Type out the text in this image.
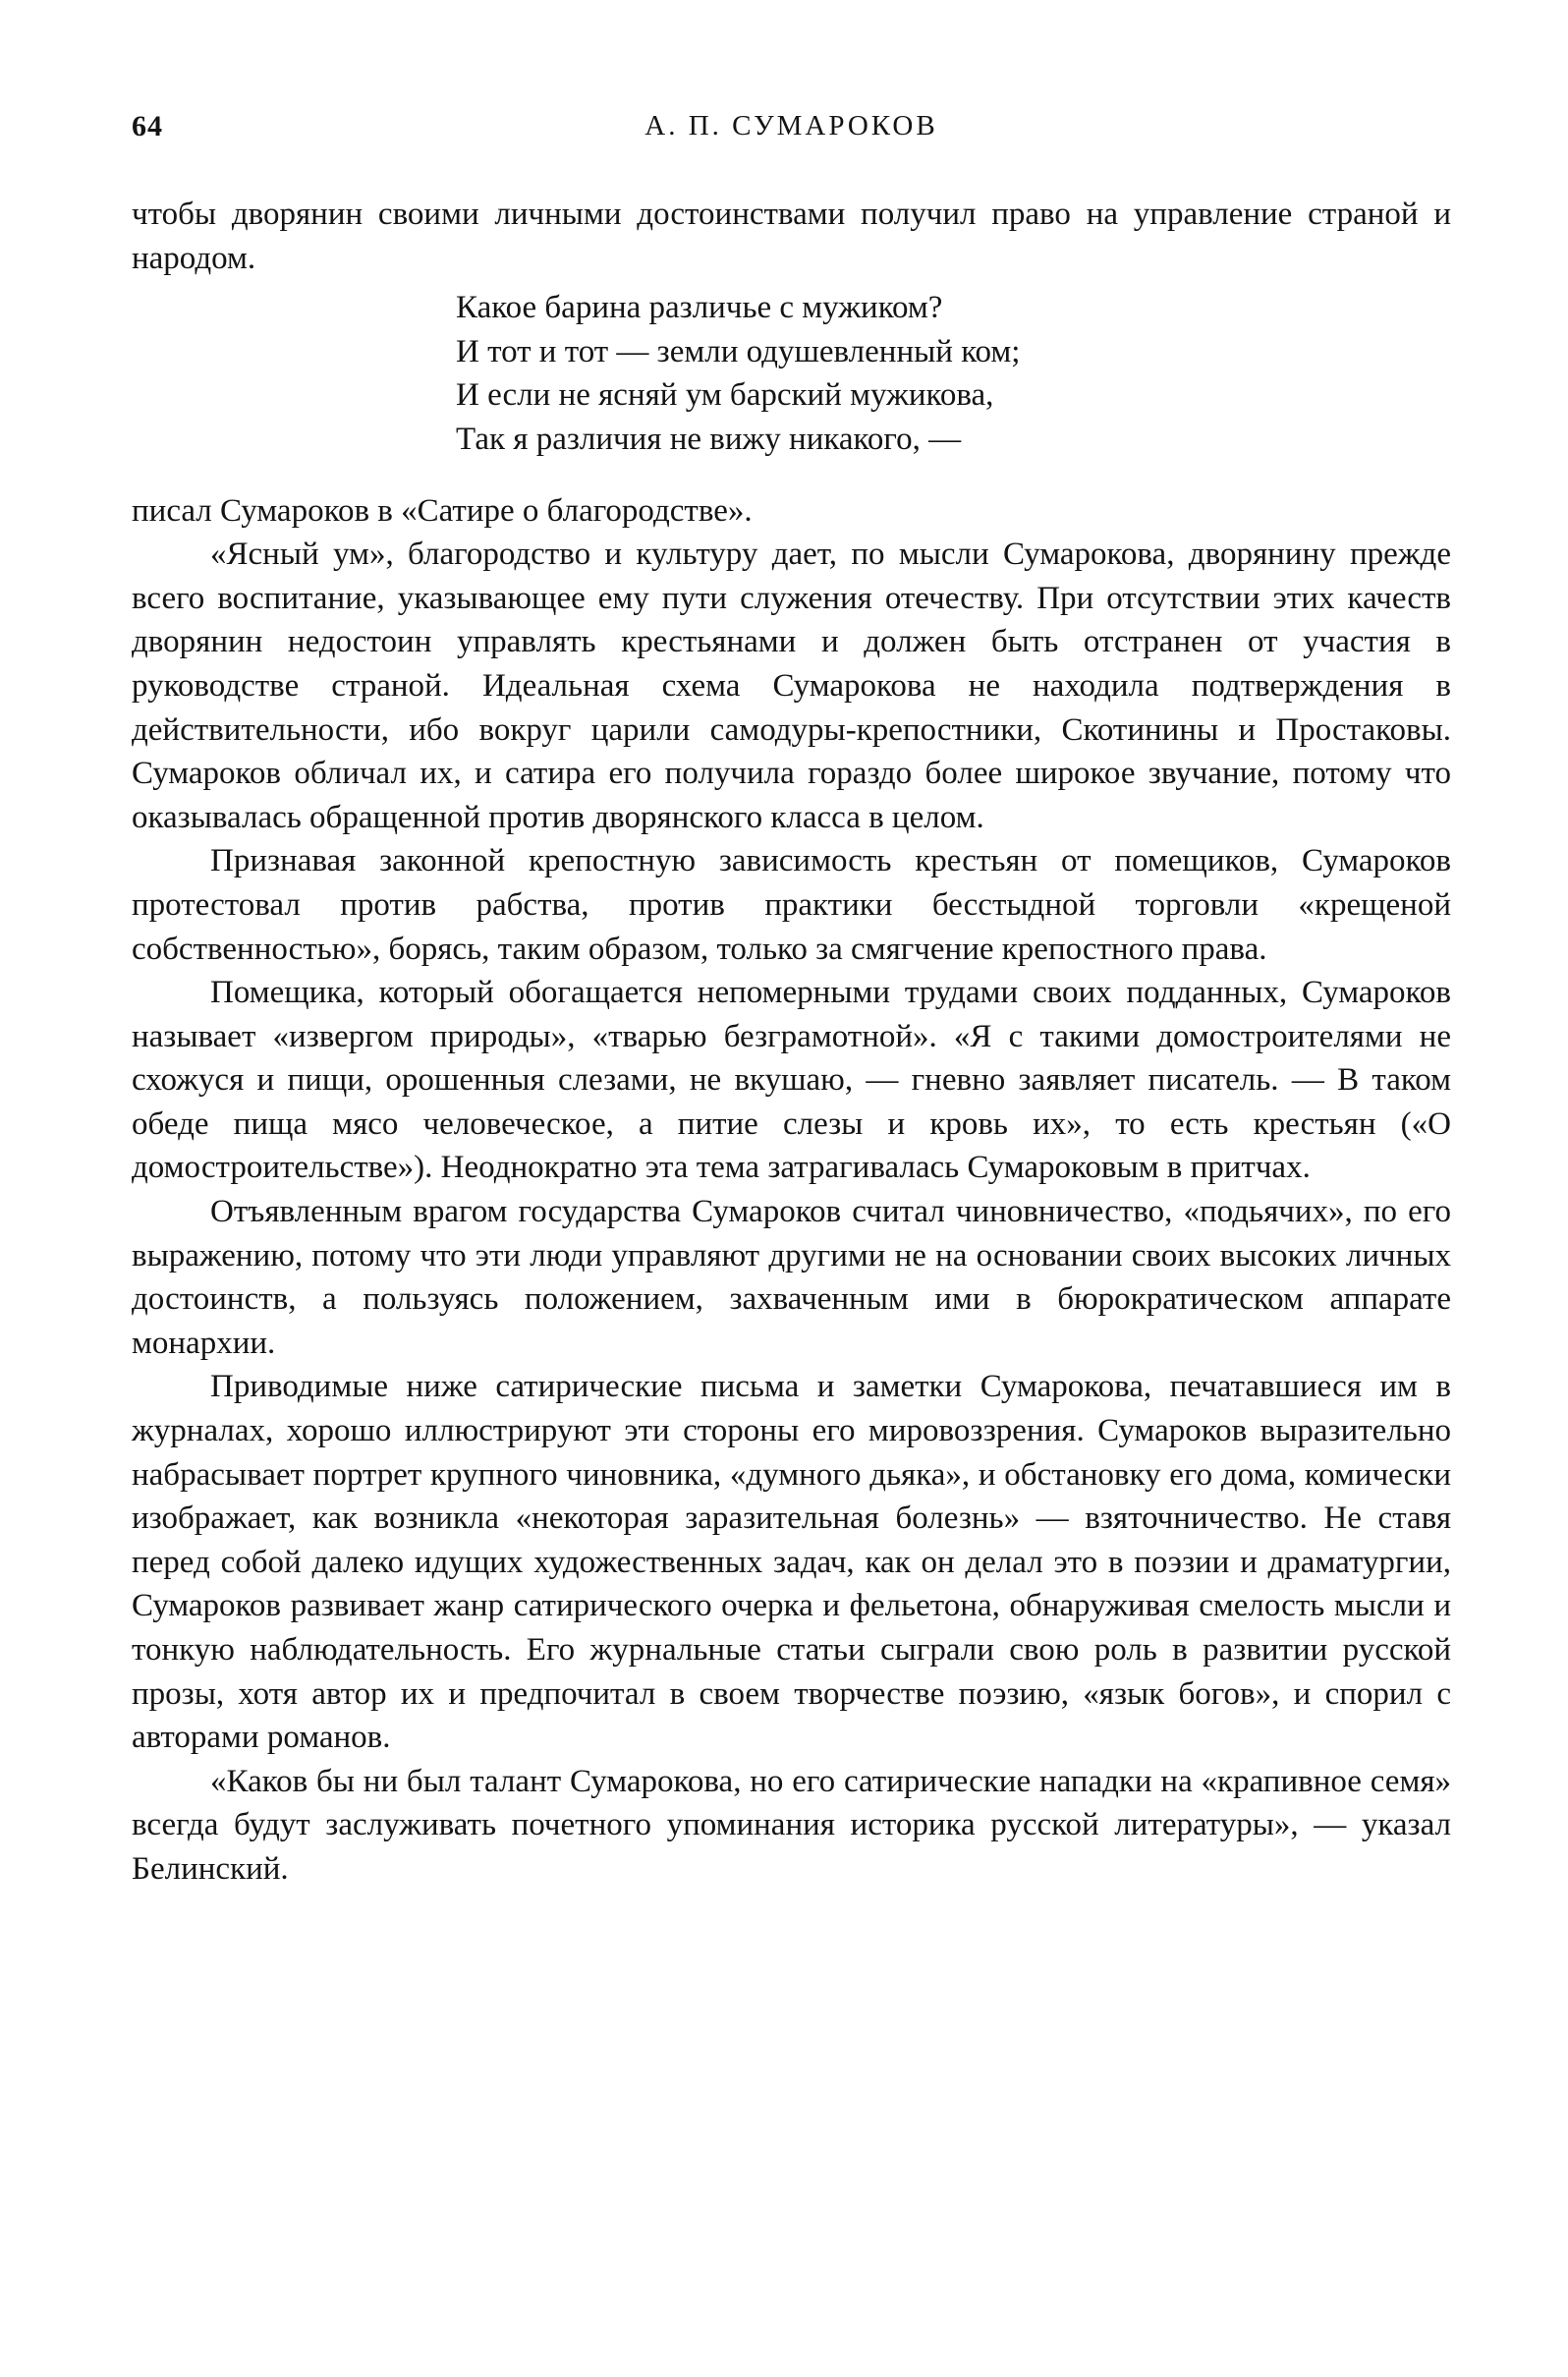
64	А. П. СУМАРОКОВ

чтобы дворянин своими личными достоинствами получил право на управление страной и народом.

Какое барина различье с мужиком?
И тот и тот — земли одушевленный ком;
И если не ясняй ум барский мужикова,
Так я различия не вижу никакого, —

писал Сумароков в «Сатире о благородстве».

«Ясный ум», благородство и культуру дает, по мысли Сумарокова, дворянину прежде всего воспитание, указывающее ему пути служения отечеству. При отсутствии этих качеств дворянин недостоин управлять крестьянами и должен быть отстранен от участия в руководстве страной. Идеальная схема Сумарокова не находила подтверждения в действительности, ибо вокруг царили самодуры-крепостники, Скотинины и Простаковы. Сумароков обличал их, и сатира его получила гораздо более широкое звучание, потому что оказывалась обращенной против дворянского класса в целом.

Признавая законной крепостную зависимость крестьян от помещиков, Сумароков протестовал против рабства, против практики бесстыдной торговли «крещеной собственностью», борясь, таким образом, только за смягчение крепостного права.

Помещика, который обогащается непомерными трудами своих подданных, Сумароков называет «извергом природы», «тварью безграмотной». «Я с такими домостроителями не схожуся и пищи, орошенныя слезами, не вкушаю, — гневно заявляет писатель. — В таком обеде пища мясо человеческое, а питие слезы и кровь их», то есть крестьян («О домостроительстве»). Неоднократно эта тема затрагивалась Сумароковым в притчах.

Отъявленным врагом государства Сумароков считал чиновничество, «подьячих», по его выражению, потому что эти люди управляют другими не на основании своих высоких личных достоинств, а пользуясь положением, захваченным ими в бюрократическом аппарате монархии.

Приводимые ниже сатирические письма и заметки Сумарокова, печатавшиеся им в журналах, хорошо иллюстрируют эти стороны его мировоззрения. Сумароков выразительно набрасывает портрет крупного чиновника, «думного дьяка», и обстановку его дома, комически изображает, как возникла «некоторая заразительная болезнь» — взяточничество. Не ставя перед собой далеко идущих художественных задач, как он делал это в поэзии и драматургии, Сумароков развивает жанр сатирического очерка и фельетона, обнаруживая смелость мысли и тонкую наблюдательность. Его журнальные статьи сыграли свою роль в развитии русской прозы, хотя автор их и предпочитал в своем творчестве поэзию, «язык богов», и спорил с авторами романов.

«Каков бы ни был талант Сумарокова, но его сатирические нападки на «крапивное семя» всегда будут заслуживать почетного упоминания историка русской литературы», — указал Белинский.
